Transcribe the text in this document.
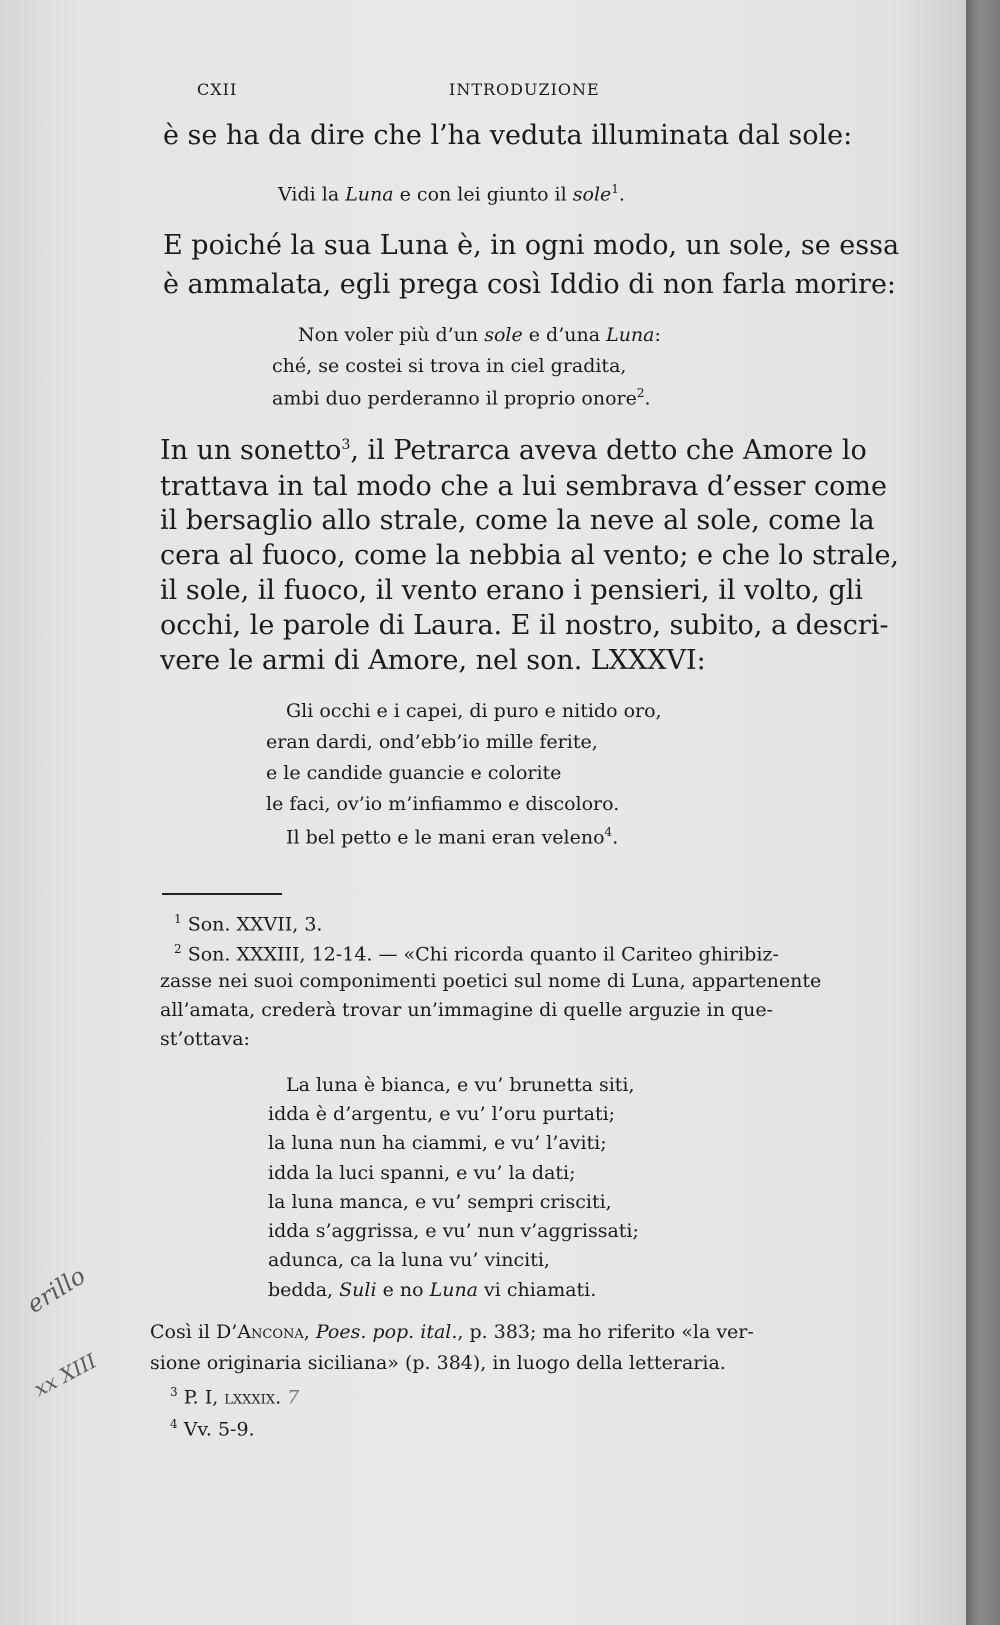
CXII	INTRODUZIONE
è se ha da dire che l’ha veduta illuminata dal sole:
Vidi la Luna e con lei giunto il sole$^1$.
E poiché la sua Luna è, in ogni modo, un sole, se essa
è ammalata, egli prega così Iddio di non farla morire:
Non voler più d’un sole e d’una Luna:
ché, se costei si trova in ciel gradita,
ambi duo perderanno il proprio onore$^2$.
In un sonetto$^3$, il Petrarca aveva detto che Amore lo
trattava in tal modo che a lui sembrava d’esser come
il bersaglio allo strale, come la neve al sole, come la
cera al fuoco, come la nebbia al vento; e che lo strale,
il sole, il fuoco, il vento erano i pensieri, il volto, gli
occhi, le parole di Laura. E il nostro, subito, a descri-
vere le armi di Amore, nel son. LXXXVI:
Gli occhi e i capei, di puro e nitido oro,
eran dardi, ond’ebb’io mille ferite,
e le candide guancie e colorite
le faci, ov’io m’infiammo e discoloro.
Il bel petto e le mani eran veleno$^4$.
$^1$ Son. XXVII, 3.
$^2$ Son. XXXIII, 12-14. — «Chi ricorda quanto il Cariteo ghiribiz-
zasse nei suoi componimenti poetici sul nome di Luna, appartenente
all’amata, crederà trovar un’immagine di quelle arguzie in que-
st’ottava:
La luna è bianca, e vu’ brunetta siti,
idda è d’argentu, e vu’ l’oru purtati;
la luna nun ha ciammi, e vu’ l’aviti;
idda la luci spanni, e vu’ la dati;
la luna manca, e vu’ sempri crisciti,
idda s’aggrissa, e vu’ nun v’aggrissati;
adunca, ca la luna vu’ vinciti,
bedda, Suli e no Luna vi chiamati.
Così il D’Ancona, Poes. pop. ital., p. 383; ma ho riferito «la ver-
sione originaria siciliana» (p. 384), in luogo della letteraria.
$^3$ P. I, lxxxix. 7
$^4$ Vv. 5-9.
erillo
xx XIII
